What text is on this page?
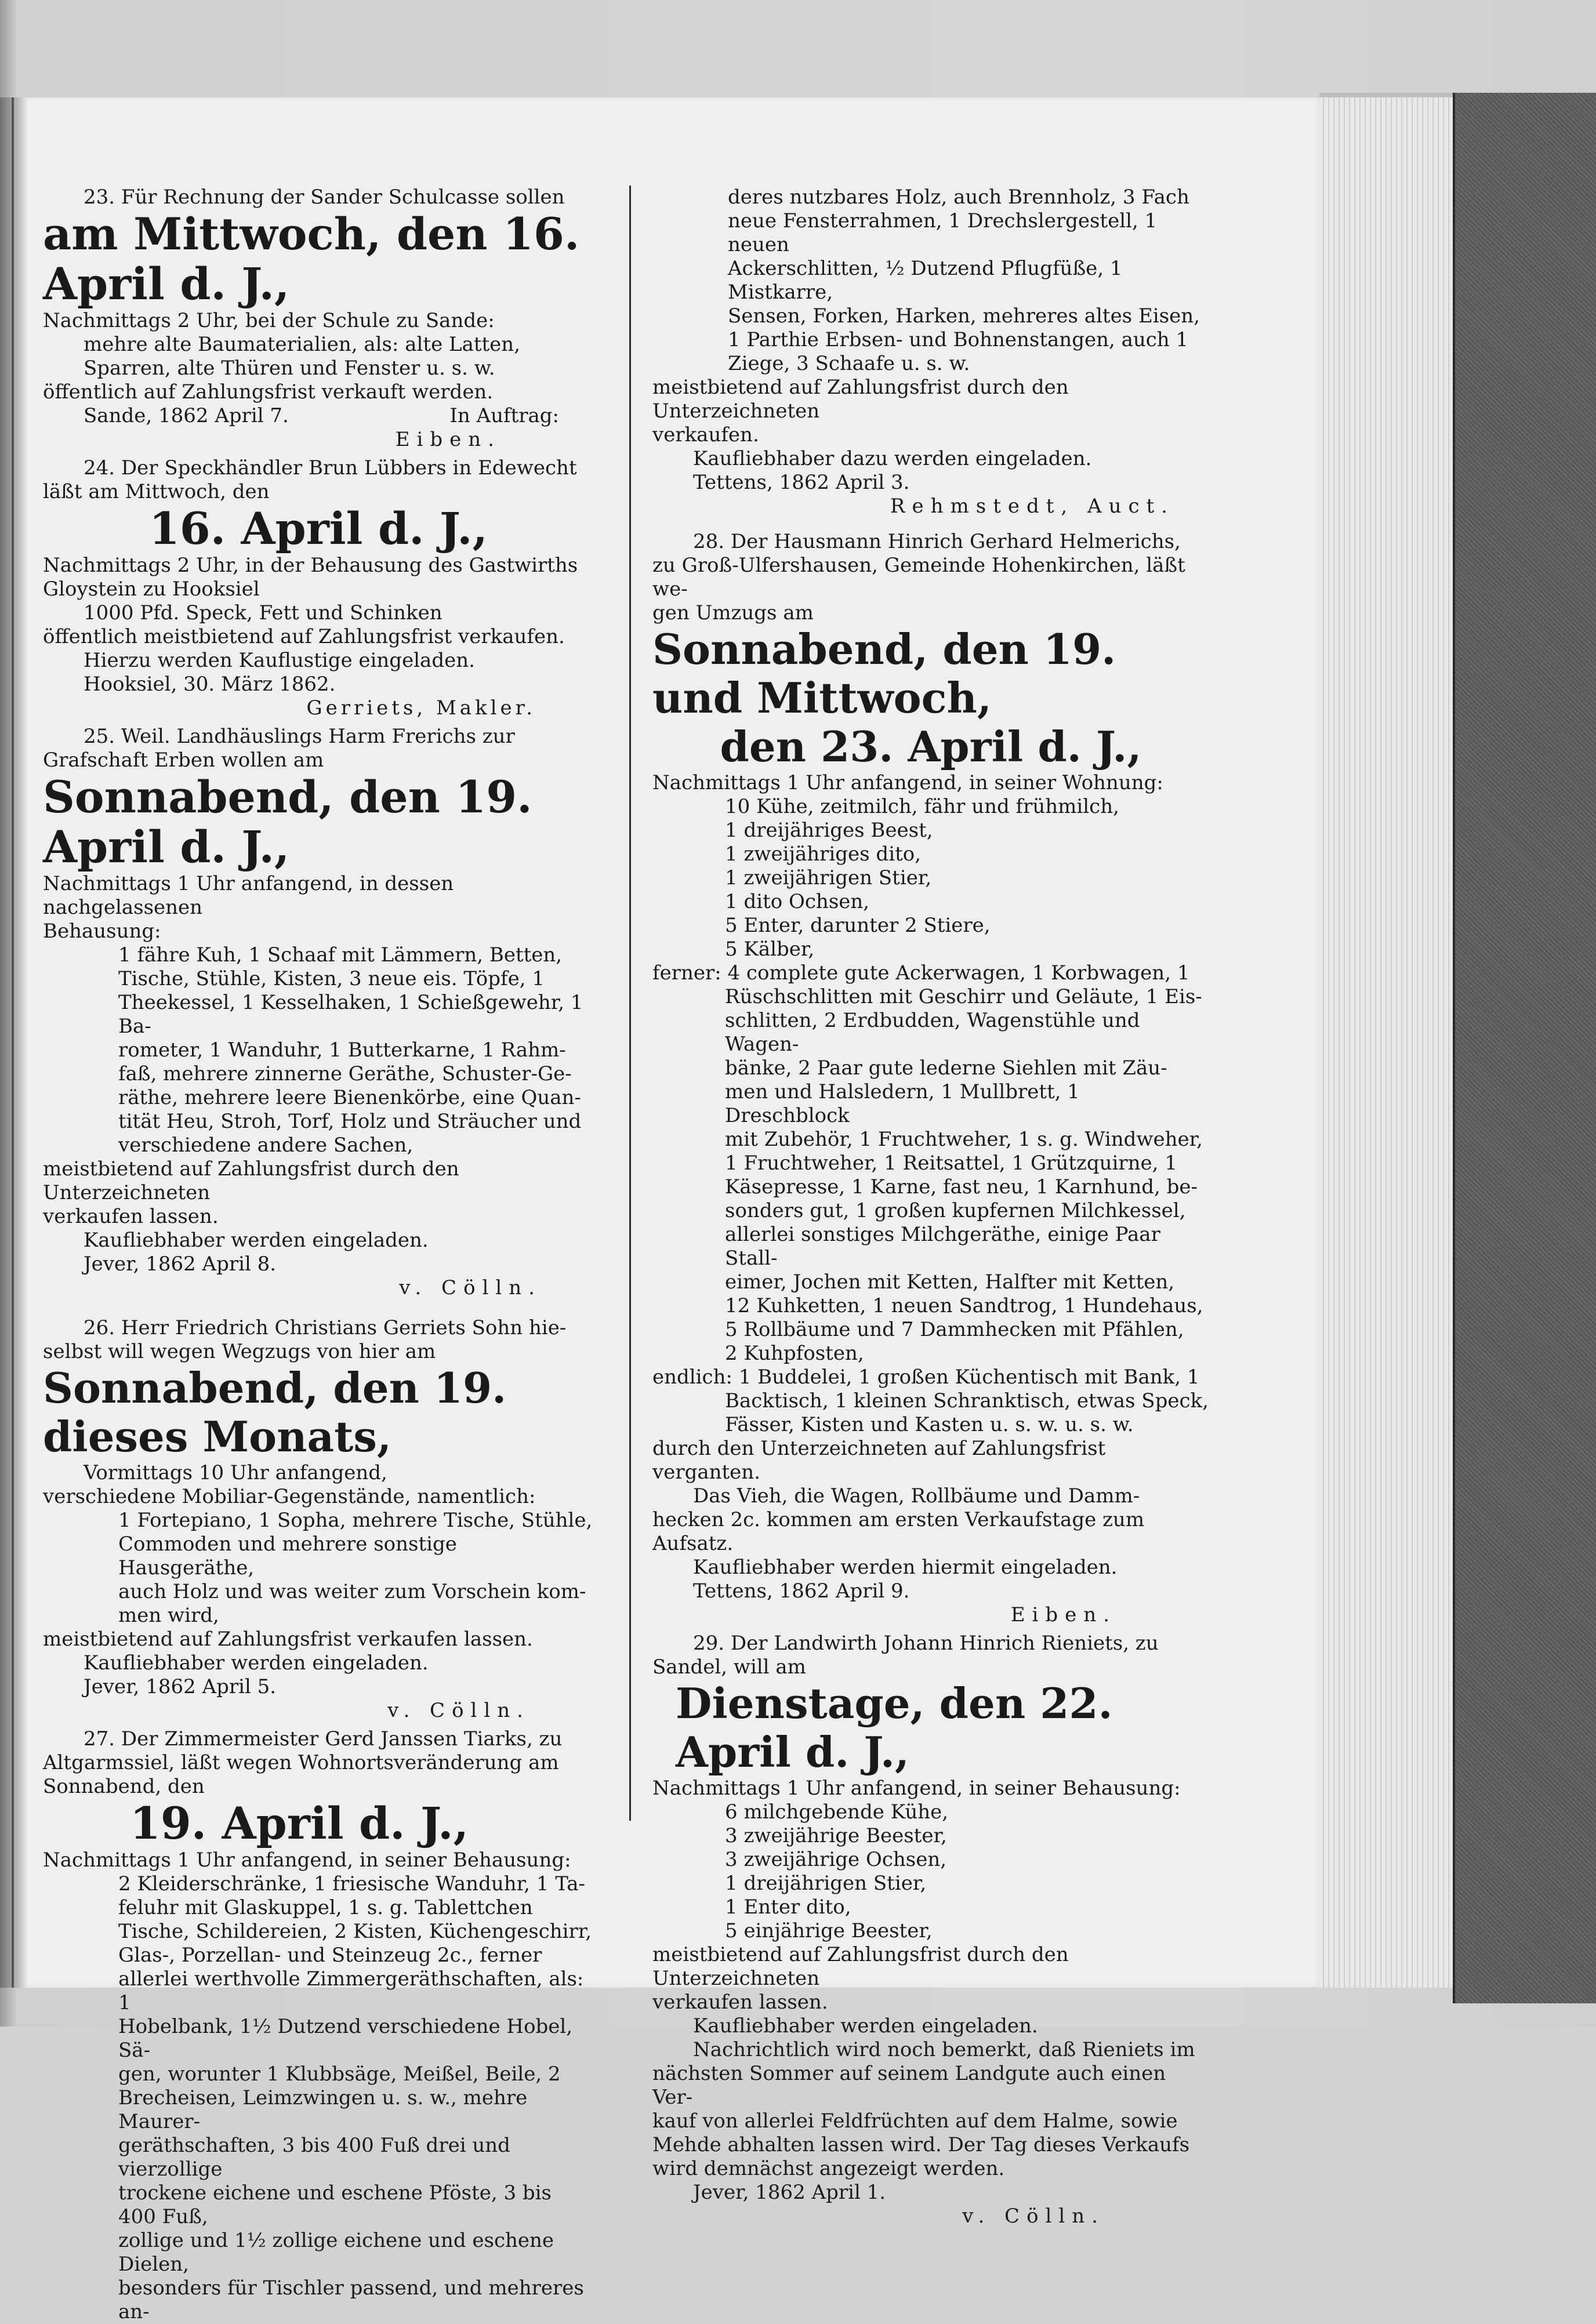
23. Für Rechnung der Sander Schulcasse sollen

am Mittwoch, den 16. April d. J.,

Nachmittags 2 Uhr, bei der Schule zu Sande:

mehre alte Baumaterialien, als: alte Latten,

Sparren, alte Thüren und Fenster u. s. w.

öffentlich auf Zahlungsfrist verkauft werden.

Sande, 1862 April 7.	In Auftrag:

Eiben.

24. Der Speckhändler Brun Lübbers in Edewecht

läßt am Mittwoch, den

16. April d. J.,

Nachmittags 2 Uhr, in der Behausung des Gastwirths

Gloystein zu Hooksiel

1000 Pfd. Speck, Fett und Schinken

öffentlich meistbietend auf Zahlungsfrist verkaufen.

Hierzu werden Kauflustige eingeladen.

Hooksiel, 30. März 1862.

Gerriets, Makler.

25. Weil. Landhäuslings Harm Frerichs zur

Grafschaft Erben wollen am

Sonnabend, den 19. April d. J.,

Nachmittags 1 Uhr anfangend, in dessen nachgelassenen

Behausung:

1 fähre Kuh, 1 Schaaf mit Lämmern, Betten,

Tische, Stühle, Kisten, 3 neue eis. Töpfe, 1

Theekessel, 1 Kesselhaken, 1 Schießgewehr, 1 Ba-

rometer, 1 Wanduhr, 1 Butterkarne, 1 Rahm-

faß, mehrere zinnerne Geräthe, Schuster-Ge-

räthe, mehrere leere Bienenkörbe, eine Quan-

tität Heu, Stroh, Torf, Holz und Sträucher und

verschiedene andere Sachen,

meistbietend auf Zahlungsfrist durch den Unterzeichneten

verkaufen lassen.

Kaufliebhaber werden eingeladen.

Jever, 1862 April 8.

v. Cölln.

26. Herr Friedrich Christians Gerriets Sohn hie-

selbst will wegen Wegzugs von hier am

Sonnabend, den 19. dieses Monats,

Vormittags 10 Uhr anfangend,

verschiedene Mobiliar-Gegenstände, namentlich:

1 Fortepiano, 1 Sopha, mehrere Tische, Stühle,

Commoden und mehrere sonstige Hausgeräthe,

auch Holz und was weiter zum Vorschein kom-

men wird,

meistbietend auf Zahlungsfrist verkaufen lassen.

Kaufliebhaber werden eingeladen.

Jever, 1862 April 5.

v. Cölln.

27. Der Zimmermeister Gerd Janssen Tiarks, zu

Altgarmssiel, läßt wegen Wohnortsveränderung am

Sonnabend, den

19. April d. J.,

Nachmittags 1 Uhr anfangend, in seiner Behausung:

2 Kleiderschränke, 1 friesische Wanduhr, 1 Ta-

feluhr mit Glaskuppel, 1 s. g. Tablettchen

Tische, Schildereien, 2 Kisten, Küchengeschirr,

Glas-, Porzellan- und Steinzeug 2c., ferner

allerlei werthvolle Zimmergeräthschaften, als: 1

Hobelbank, 1½ Dutzend verschiedene Hobel, Sä-

gen, worunter 1 Klubbsäge, Meißel, Beile, 2

Brecheisen, Leimzwingen u. s. w., mehre Maurer-

geräthschaften, 3 bis 400 Fuß drei und vierzollige

trockene eichene und eschene Pföste, 3 bis 400 Fuß,

zollige und 1½ zollige eichene und eschene Dielen,

besonders für Tischler passend, und mehreres an-

deres nutzbares Holz, auch Brennholz, 3 Fach

neue Fensterrahmen, 1 Drechslergestell, 1 neuen

Ackerschlitten, ½ Dutzend Pflugfüße, 1 Mistkarre,

Sensen, Forken, Harken, mehreres altes Eisen,

1 Parthie Erbsen- und Bohnenstangen, auch 1

Ziege, 3 Schaafe u. s. w.

meistbietend auf Zahlungsfrist durch den Unterzeichneten

verkaufen.

Kaufliebhaber dazu werden eingeladen.

Tettens, 1862 April 3.

Rehmstedt, Auct.

28. Der Hausmann Hinrich Gerhard Helmerichs,

zu Groß-Ulfershausen, Gemeinde Hohenkirchen, läßt we-

gen Umzugs am

Sonnabend, den 19. und Mittwoch,

den 23. April d. J.,

Nachmittags 1 Uhr anfangend, in seiner Wohnung:

10 Kühe, zeitmilch, fähr und frühmilch,

1 dreijähriges Beest,

1 zweijähriges dito,

1 zweijährigen Stier,

1 dito Ochsen,

5 Enter, darunter 2 Stiere,

5 Kälber,

ferner: 4 complete gute Ackerwagen, 1 Korbwagen, 1

Rüschschlitten mit Geschirr und Geläute, 1 Eis-

schlitten, 2 Erdbudden, Wagenstühle und Wagen-

bänke, 2 Paar gute lederne Siehlen mit Zäu-

men und Halsledern, 1 Mullbrett, 1 Dreschblock

mit Zubehör, 1 Fruchtweher, 1 s. g. Windweher,

1 Fruchtweher, 1 Reitsattel, 1 Grützquirne, 1

Käsepresse, 1 Karne, fast neu, 1 Karnhund, be-

sonders gut, 1 großen kupfernen Milchkessel,

allerlei sonstiges Milchgeräthe, einige Paar Stall-

eimer, Jochen mit Ketten, Halfter mit Ketten,

12 Kuhketten, 1 neuen Sandtrog, 1 Hundehaus,

5 Rollbäume und 7 Dammhecken mit Pfählen,

2 Kuhpfosten,

endlich: 1 Buddelei, 1 großen Küchentisch mit Bank, 1

Backtisch, 1 kleinen Schranktisch, etwas Speck,

Fässer, Kisten und Kasten u. s. w. u. s. w.

durch den Unterzeichneten auf Zahlungsfrist verganten.

Das Vieh, die Wagen, Rollbäume und Damm-

hecken 2c. kommen am ersten Verkaufstage zum Aufsatz.

Kaufliebhaber werden hiermit eingeladen.

Tettens, 1862 April 9.

Eiben.

29. Der Landwirth Johann Hinrich Rieniets, zu

Sandel, will am

Dienstage, den 22. April d. J.,

Nachmittags 1 Uhr anfangend, in seiner Behausung:

6 milchgebende Kühe,

3 zweijährige Beester,

3 zweijährige Ochsen,

1 dreijährigen Stier,

1 Enter dito,

5 einjährige Beester,

meistbietend auf Zahlungsfrist durch den Unterzeichneten

verkaufen lassen.

Kaufliebhaber werden eingeladen.

Nachrichtlich wird noch bemerkt, daß Rieniets im

nächsten Sommer auf seinem Landgute auch einen Ver-

kauf von allerlei Feldfrüchten auf dem Halme, sowie

Mehde abhalten lassen wird. Der Tag dieses Verkaufs

wird demnächst angezeigt werden.

Jever, 1862 April 1.

v. Cölln.
